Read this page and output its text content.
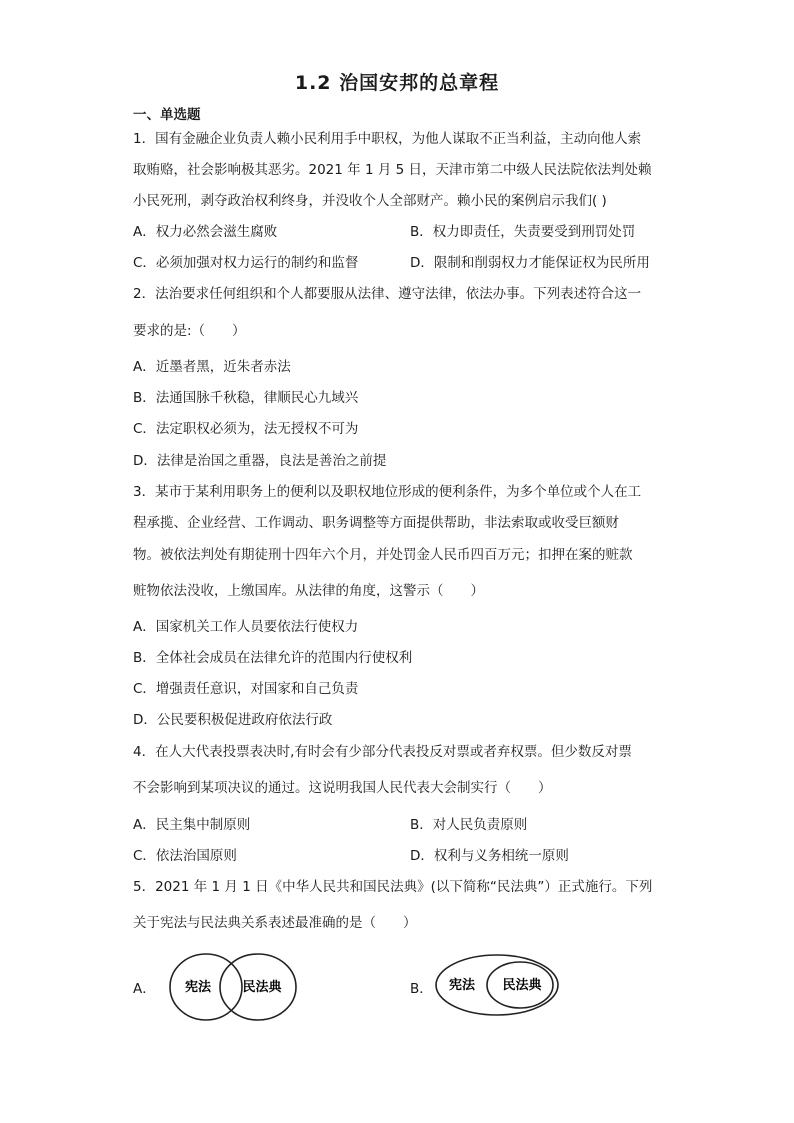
1.2 治国安邦的总章程
一、单选题
1．国有金融企业负责人赖小民利用手中职权，为他人谋取不正当利益，主动向他人索
取贿赂，社会影响极其恶劣。2021 年 1 月 5 日，天津市第二中级人民法院依法判处赖
小民死刑，剥夺政治权利终身，并没收个人全部财产。赖小民的案例启示我们( )
A．权力必然会滋生腐败	B．权力即责任，失责要受到刑罚处罚
C．必须加强对权力运行的制约和监督	D．限制和削弱权力才能保证权为民所用
2．法治要求任何组织和个人都要服从法律、遵守法律，依法办事。下列表述符合这一
要求的是:（　　）
A．近墨者黑，近朱者赤法
B．法通国脉千秋稳，律顺民心九域兴
C．法定职权必须为，法无授权不可为
D．法律是治国之重器，良法是善治之前提
3．某市于某利用职务上的便利以及职权地位形成的便利条件，为多个单位或个人在工
程承揽、企业经营、工作调动、职务调整等方面提供帮助，非法索取或收受巨额财
物。被依法判处有期徒刑十四年六个月，并处罚金人民币四百万元；扣押在案的赃款
赃物依法没收，上缴国库。从法律的角度，这警示（　　）
A．国家机关工作人员要依法行使权力
B．全体社会成员在法律允许的范围内行使权利
C．增强责任意识，对国家和自己负责
D．公民要积极促进政府依法行政
4．在人大代表投票表决时,有时会有少部分代表投反对票或者弃权票。但少数反对票
不会影响到某项决议的通过。这说明我国人民代表大会制实行（　　）
A．民主集中制原则	B．对人民负责原则
C．依法治国原则	D．权利与义务相统一原则
5．2021 年 1 月 1 日《中华人民共和国民法典》(以下简称“民法典”）正式施行。下列
关于宪法与民法典关系表述最准确的是（　　）
A． 宪法 民法典	B． 宪法 民法典
